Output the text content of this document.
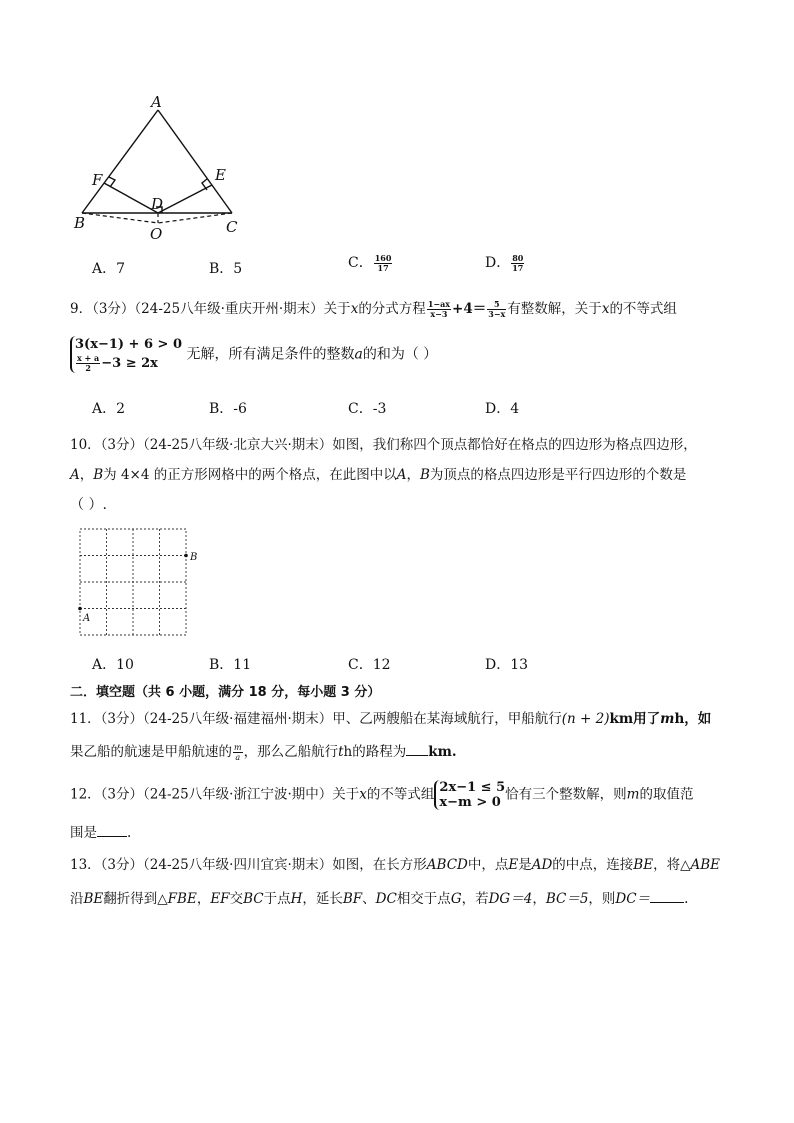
A
B	C
D
E
F
O
A．7	B．5	C． $\frac{160}{17}$	D． $\frac{80}{17}$
9．（3分）（24-25八年级·重庆开州·期末）关于x的分式方程 $\frac{1-ax}{x-3} +4= \frac{5}{3-x}$ 有整数解，关于x的不等式组
3(x−1) + 6 > 0
$\frac{x + a}{2} -3 \ge 2x$
无解，所有满足条件的整数a的和为（ ）
A．2	B．-6	C．-3	D．4
10．（3分）（24-25八年级·北京大兴·期末）如图，我们称四个顶点都恰好在格点的四边形为格点四边形，
A，B为 4×4 的正方形网格中的两个格点，在此图中以A，B为顶点的格点四边形是平行四边形的个数是
（ ）.
A
B
A．10	B．11	C．12	D．13
二．填空题（共 6 小题，满分 18 分，每小题 3 分）
11．（3分）（24-25八年级·福建福州·期末）甲、乙两艘船在某海域航行，甲船航行(n + 2)km用了mh，如
果乙船的航速是甲船航速的 $\frac{m}{a}$ ，那么乙船航行th的路程为 km.
12．（3分）（24-25八年级·浙江宁波·期中）关于x的不等式组 2x−1 ≤ 5
x−m > 0 恰有三个整数解，则m的取值范
围是 .
13．（3分）（24-25八年级·四川宜宾·期末）如图，在长方形ABCD中，点E是AD的中点，连接BE，将△ABE
沿BE翻折得到△FBE，EF交BC于点H，延长BF、DC相交于点G，若DG＝4，BC＝5，则DC＝	.
